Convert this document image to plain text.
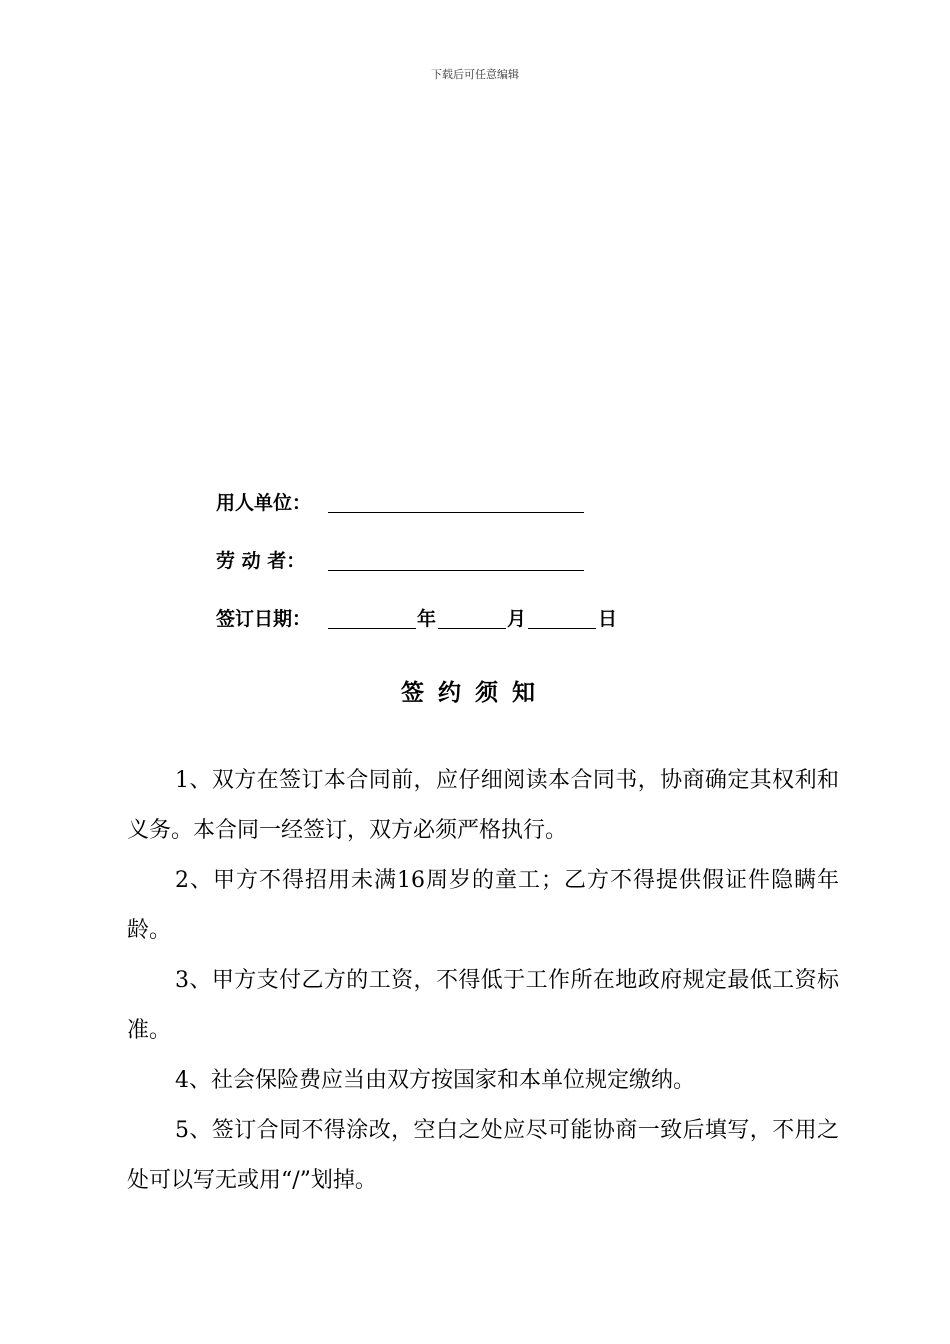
下载后可任意编辑
用人单位：
劳 动 者：
签订日期：	年	月	日
签约须知

1、双方在签订本合同前，应仔细阅读本合同书，协商确定其权利和义务。本合同一经签订，双方必须严格执行。

2、甲方不得招用未满16周岁的童工；乙方不得提供假证件隐瞒年龄。

3、甲方支付乙方的工资，不得低于工作所在地政府规定最低工资标准。

4、社会保险费应当由双方按国家和本单位规定缴纳。

5、签订合同不得涂改，空白之处应尽可能协商一致后填写，不用之处可以写无或用“/”划掉。
